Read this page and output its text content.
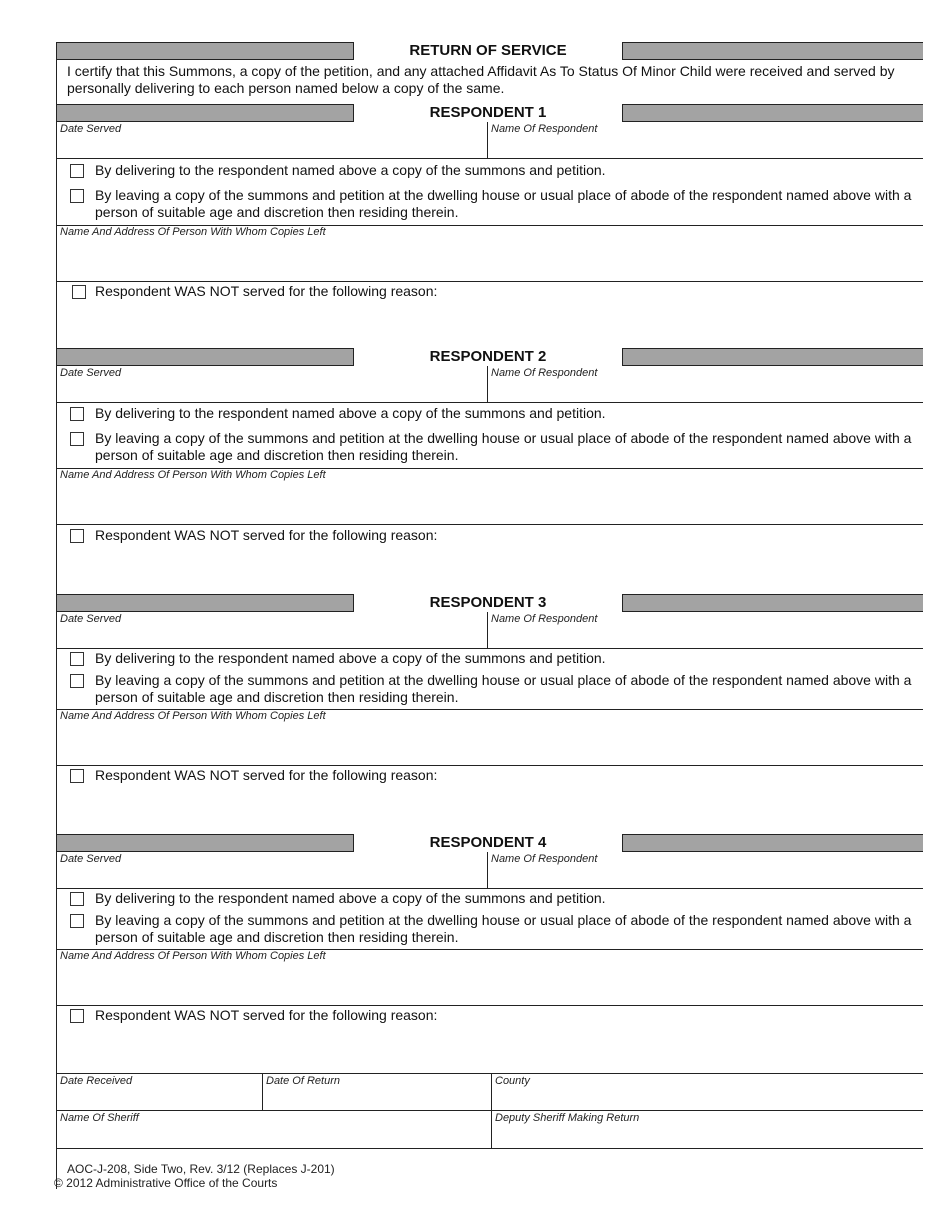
RETURN OF SERVICE
I certify that this Summons, a copy of the petition, and any attached Affidavit As To Status Of Minor Child were received and served by personally delivering to each person named below a copy of the same.
RESPONDENT 1
Date Served	Name Of Respondent
By delivering to the respondent named above a copy of the summons and petition.
By leaving a copy of the summons and petition at the dwelling house or usual place of abode of the respondent named above with a person of suitable age and discretion then residing therein.
Name And Address Of Person With Whom Copies Left
Respondent WAS NOT served for the following reason:
RESPONDENT 2
Date Served	Name Of Respondent
By delivering to the respondent named above a copy of the summons and petition.
By leaving a copy of the summons and petition at the dwelling house or usual place of abode of the respondent named above with a person of suitable age and discretion then residing therein.
Name And Address Of Person With Whom Copies Left
Respondent WAS NOT served for the following reason:
RESPONDENT 3
Date Served	Name Of Respondent
By delivering to the respondent named above a copy of the summons and petition.
By leaving a copy of the summons and petition at the dwelling house or usual place of abode of the respondent named above with a person of suitable age and discretion then residing therein.
Name And Address Of Person With Whom Copies Left
Respondent WAS NOT served for the following reason:
RESPONDENT 4
Date Served	Name Of Respondent
By delivering to the respondent named above a copy of the summons and petition.
By leaving a copy of the summons and petition at the dwelling house or usual place of abode of the respondent named above with a person of suitable age and discretion then residing therein.
Name And Address Of Person With Whom Copies Left
Respondent WAS NOT served for the following reason:
Date Received	Date Of Return	County
Name Of Sheriff	Deputy Sheriff Making Return
AOC-J-208, Side Two, Rev. 3/12 (Replaces J-201)
© 2012 Administrative Office of the Courts
